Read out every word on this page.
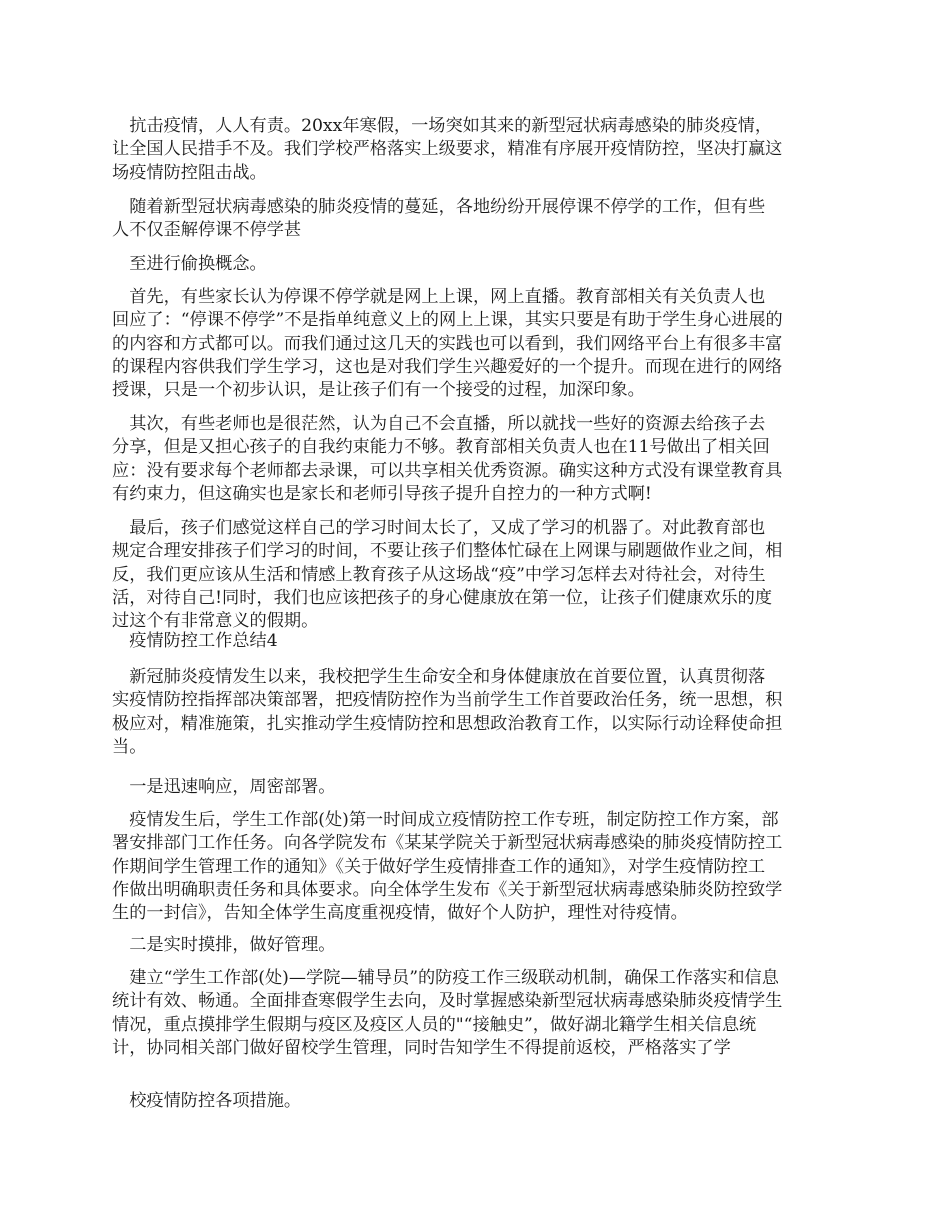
　抗击疫情，人人有责。20xx年寒假，一场突如其来的新型冠状病毒感染的肺炎疫情，
让全国人民措手不及。我们学校严格落实上级要求，精准有序展开疫情防控，坚决打赢这
场疫情防控阻击战。
　随着新型冠状病毒感染的肺炎疫情的蔓延，各地纷纷开展停课不停学的工作，但有些
人不仅歪解停课不停学甚
　至进行偷换概念。
　首先，有些家长认为停课不停学就是网上上课，网上直播。教育部相关有关负责人也
回应了：“停课不停学”不是指单纯意义上的网上上课，其实只要是有助于学生身心进展的
的内容和方式都可以。而我们通过这几天的实践也可以看到，我们网络平台上有很多丰富
的课程内容供我们学生学习，这也是对我们学生兴趣爱好的一个提升。而现在进行的网络
授课，只是一个初步认识，是让孩子们有一个接受的过程，加深印象。
　其次，有些老师也是很茫然，认为自己不会直播，所以就找一些好的资源去给孩子去
分享，但是又担心孩子的自我约束能力不够。教育部相关负责人也在11号做出了相关回
应：没有要求每个老师都去录课，可以共享相关优秀资源。确实这种方式没有课堂教育具
有约束力，但这确实也是家长和老师引导孩子提升自控力的一种方式啊!
　最后，孩子们感觉这样自己的学习时间太长了，又成了学习的机器了。对此教育部也
规定合理安排孩子们学习的时间，不要让孩子们整体忙碌在上网课与刷题做作业之间，相
反，我们更应该从生活和情感上教育孩子从这场战“疫”中学习怎样去对待社会，对待生
活，对待自己!同时，我们也应该把孩子的身心健康放在第一位，让孩子们健康欢乐的度
过这个有非常意义的假期。
　疫情防控工作总结4
　新冠肺炎疫情发生以来，我校把学生生命安全和身体健康放在首要位置，认真贯彻落
实疫情防控指挥部决策部署，把疫情防控作为当前学生工作首要政治任务，统一思想，积
极应对，精准施策，扎实推动学生疫情防控和思想政治教育工作，以实际行动诠释使命担
当。
　一是迅速响应，周密部署。
　疫情发生后，学生工作部(处)第一时间成立疫情防控工作专班，制定防控工作方案，部
署安排部门工作任务。向各学院发布《某某学院关于新型冠状病毒感染的肺炎疫情防控工
作期间学生管理工作的通知》《关于做好学生疫情排查工作的通知》，对学生疫情防控工
作做出明确职责任务和具体要求。向全体学生发布《关于新型冠状病毒感染肺炎防控致学
生的一封信》，告知全体学生高度重视疫情，做好个人防护，理性对待疫情。
　二是实时摸排，做好管理。
　建立“学生工作部(处)—学院—辅导员”的防疫工作三级联动机制，确保工作落实和信息
统计有效、畅通。全面排查寒假学生去向，及时掌握感染新型冠状病毒感染肺炎疫情学生
情况，重点摸排学生假期与疫区及疫区人员的"“接触史”，做好湖北籍学生相关信息统
计，协同相关部门做好留校学生管理，同时告知学生不得提前返校，严格落实了学
　校疫情防控各项措施。
